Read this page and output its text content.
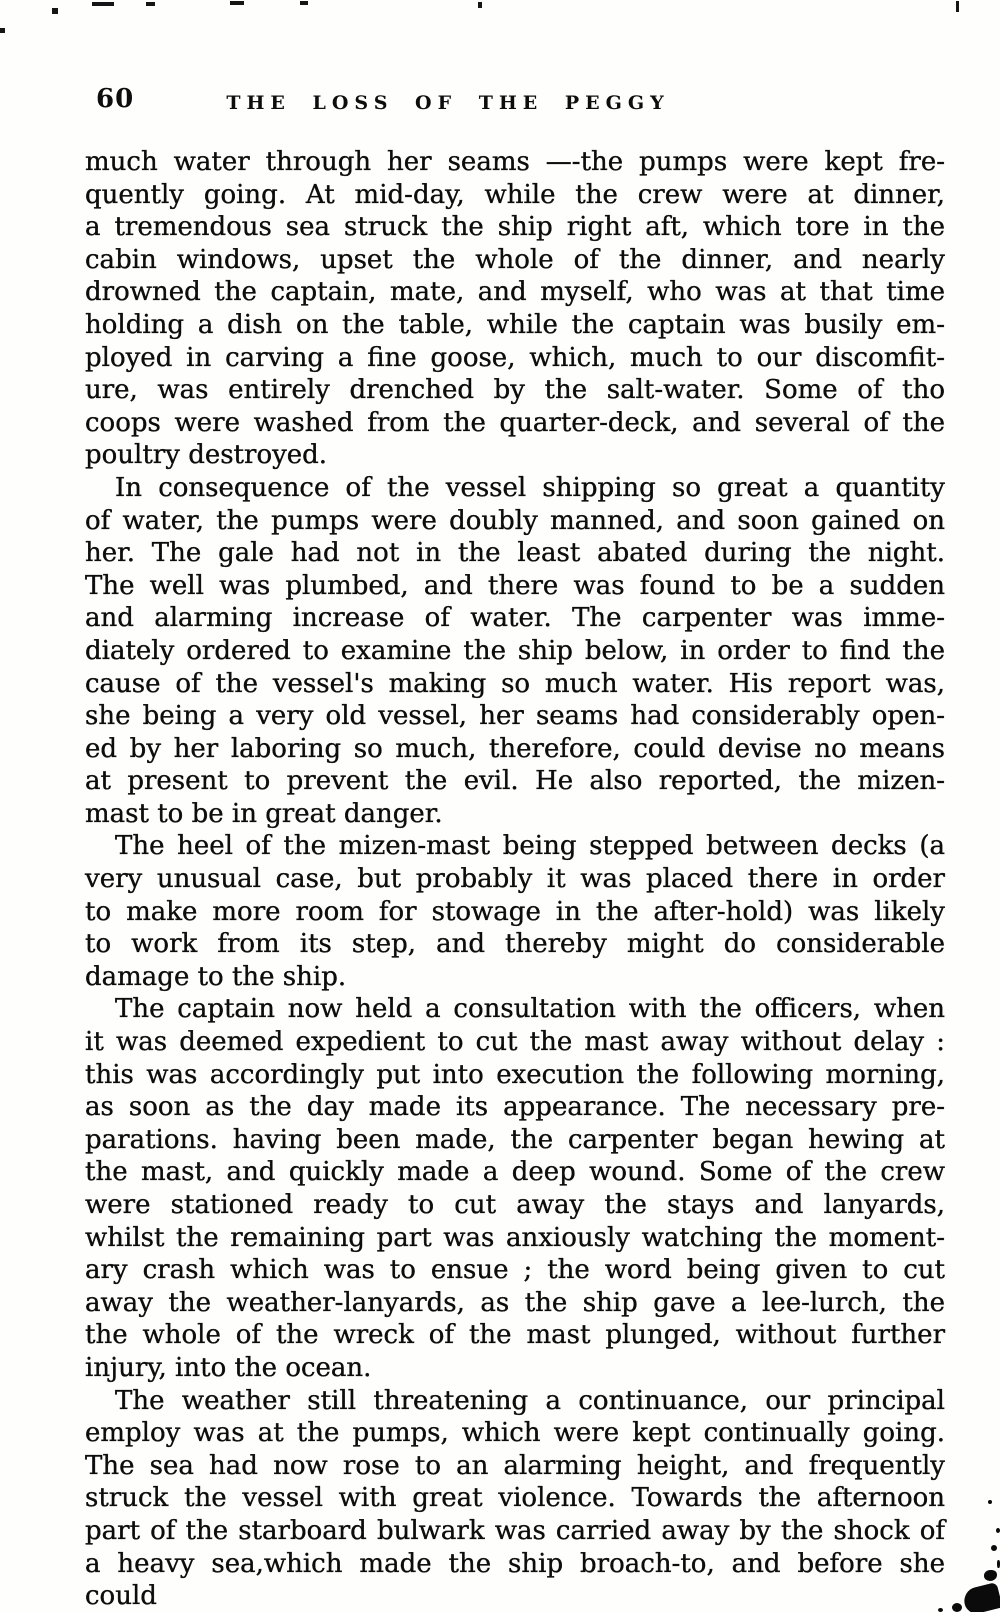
60	THE LOSS OF THE PEGGY
much water through her seams —-the pumps were kept fre-
quently going. At mid-day, while the crew were at dinner,
a tremendous sea struck the ship right aft, which tore in the
cabin windows, upset the whole of the dinner, and nearly
drowned the captain, mate, and myself, who was at that time
holding a dish on the table, while the captain was busily em-
ployed in carving a fine goose, which, much to our discomfit-
ure, was entirely drenched by the salt-water. Some of tho
coops were washed from the quarter-deck, and several of the
poultry destroyed.
In consequence of the vessel shipping so great a quantity
of water, the pumps were doubly manned, and soon gained on
her. The gale had not in the least abated during the night.
The well was plumbed, and there was found to be a sudden
and alarming increase of water. The carpenter was imme-
diately ordered to examine the ship below, in order to find the
cause of the vessel's making so much water. His report was,
she being a very old vessel, her seams had considerably open-
ed by her laboring so much, therefore, could devise no means
at present to prevent the evil. He also reported, the mizen-
mast to be in great danger.
The heel of the mizen-mast being stepped between decks (a
very unusual case, but probably it was placed there in order
to make more room for stowage in the after-hold) was likely
to work from its step, and thereby might do considerable
damage to the ship.
The captain now held a consultation with the officers, when
it was deemed expedient to cut the mast away without delay :
this was accordingly put into execution the following morning,
as soon as the day made its appearance. The necessary pre-
parations. having been made, the carpenter began hewing at
the mast, and quickly made a deep wound. Some of the crew
were stationed ready to cut away the stays and lanyards,
whilst the remaining part was anxiously watching the moment-
ary crash which was to ensue ; the word being given to cut
away the weather-lanyards, as the ship gave a lee-lurch, the
the whole of the wreck of the mast plunged, without further
injury, into the ocean.
The weather still threatening a continuance, our principal
employ was at the pumps, which were kept continually going.
The sea had now rose to an alarming height, and frequently
struck the vessel with great violence. Towards the afternoon
part of the starboard bulwark was carried away by the shock of
a heavy sea,which made the ship broach-to, and before she could
